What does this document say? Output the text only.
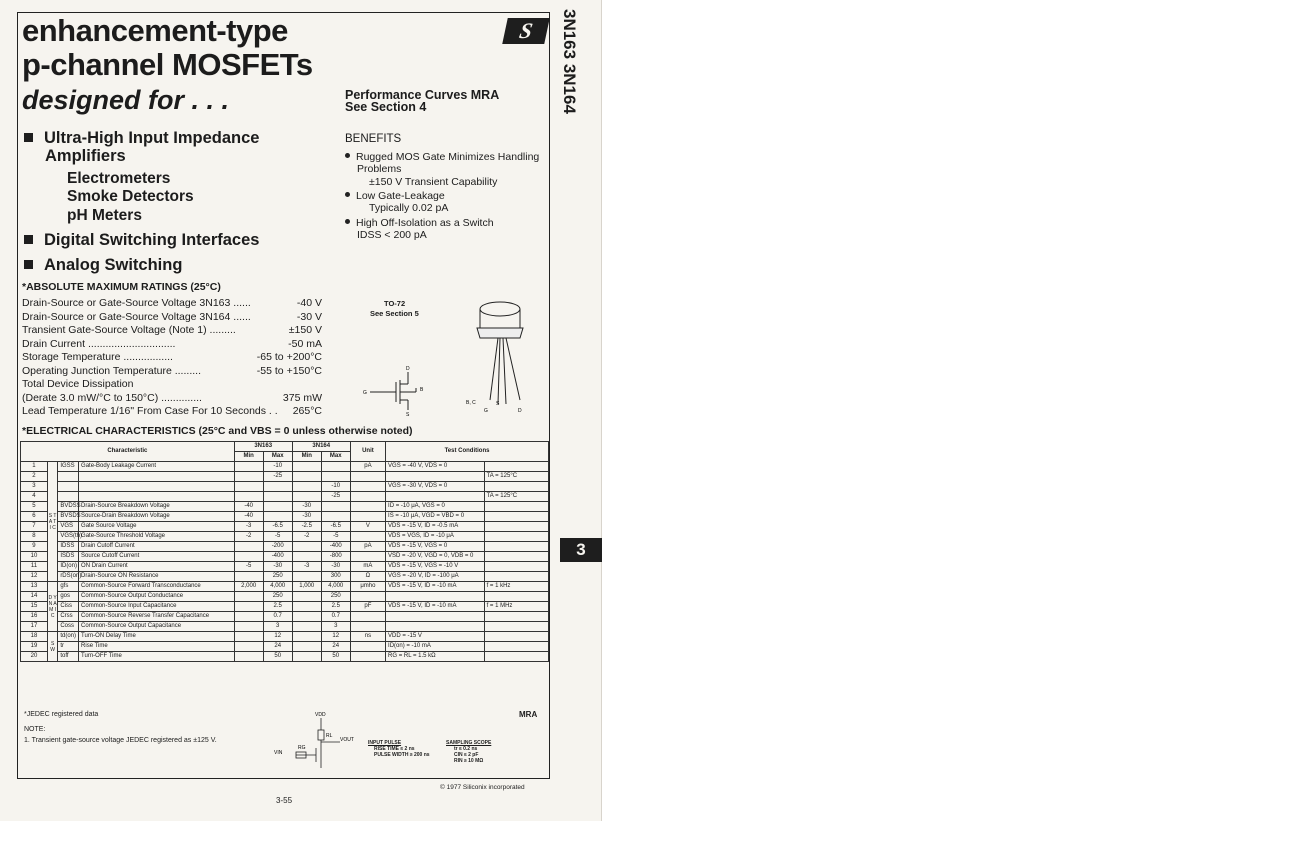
enhancement-type
p-channel MOSFETs
designed for . . .
S	3N163 3N164
3
Performance Curves MRA
See Section 4
Ultra-High Input Impedance
Amplifiers
Electrometers
Smoke Detectors
pH Meters
Digital Switching Interfaces
Analog Switching
BENEFITS
Rugged MOS Gate Minimizes Handling
Problems
±150 V Transient Capability
Low Gate-Leakage
Typically 0.02 pA
High Off-Isolation as a Switch
IDSS < 200 pA
*ABSOLUTE MAXIMUM RATINGS (25°C)
Drain-Source or Gate-Source Voltage 3N163 ......	-40 V
Drain-Source or Gate-Source Voltage 3N164 ......	-30 V
Transient Gate-Source Voltage (Note 1) .........	±150 V
Drain Current ..............................	-50 mA
Storage Temperature .................	-65 to +200°C
Operating Junction Temperature .........	-55 to +150°C
Total Device Dissipation
(Derate 3.0 mW/°C to 150°C) ..............	375 mW
Lead Temperature 1/16" From Case For 10 Seconds . . 265°C
TO-72
See Section 5
D
B
G
S
B, C
G
S
D
*ELECTRICAL CHARACTERISTICS (25°C and VBS = 0 unless otherwise noted)
Characteristic				3N163		3N164		Unit	Test Conditions	
				Min	Max	Min	Max			
1	S T A T I C	IGSS	Gate-Body Leakage Current		-10			pA	VGS = -40 V, VDS = 0	
2					-25					TA = 125°C
3							-10		VGS = -30 V, VDS = 0	
4							-25			TA = 125°C
5		BVDSS	Drain-Source Breakdown Voltage	-40		-30			ID = -10 μA, VGS = 0	
6		BVSDS	Source-Drain Breakdown Voltage	-40		-30			IS = -10 μA, VGD = VBD = 0	
7		VGS	Gate Source Voltage	-3	-6.5	-2.5	-6.5	V	VDS = -15 V, ID = -0.5 mA	
8		VGS(th)	Gate-Source Threshold Voltage	-2	-5	-2	-5		VDS = VGS, ID = -10 μA	
9		IDSS	Drain Cutoff Current		-200		-400	pA	VDS = -15 V, VGS = 0	
10		ISDS	Source Cutoff Current		-400		-800		VSD = -20 V, VGD = 0, VDB = 0	
11		ID(on)	ON Drain Current	-5	-30	-3	-30	mA	VDS = -15 V, VGS = -10 V	
12		rDS(on)	Drain-Source ON Resistance		250		300	Ω	VGS = -20 V, ID = -100 μA	
13	D Y N A M I C	gfs	Common-Source Forward Transconductance	2,000	4,000	1,000	4,000	μmho	VDS = -15 V, ID = -10 mA	f = 1 kHz
14		gos	Common-Source Output Conductance		250		250			
15		Ciss	Common-Source Input Capacitance		2.5		2.5	pF	VDS = -15 V, ID = -10 mA	f = 1 MHz
16		Crss	Common-Source Reverse Transfer Capacitance		0.7		0.7			
17		Coss	Common-Source Output Capacitance		3		3			
18	S W	td(on)	Turn-ON Delay Time		12		12	ns	VDD = -15 V	
19		tr	Rise Time		24		24		ID(on) = -10 mA	
20		toff	Turn-OFF Time		50		50		RG = RL = 1.5 kΩ	
*JEDEC registered data	MRA
NOTE:
1. Transient gate-source voltage JEDEC registered as ±125 V.
VDD
VOUT
RL
RG
VIN
INPUT PULSE
RISE TIME ≤ 2 ns
PULSE WIDTH ≥ 200 ns
SAMPLING SCOPE
tr ≤ 0.2 ns
CIN ≤ 2 pF
RIN ≥ 10 MΩ
© 1977 Siliconix incorporated
3-55
